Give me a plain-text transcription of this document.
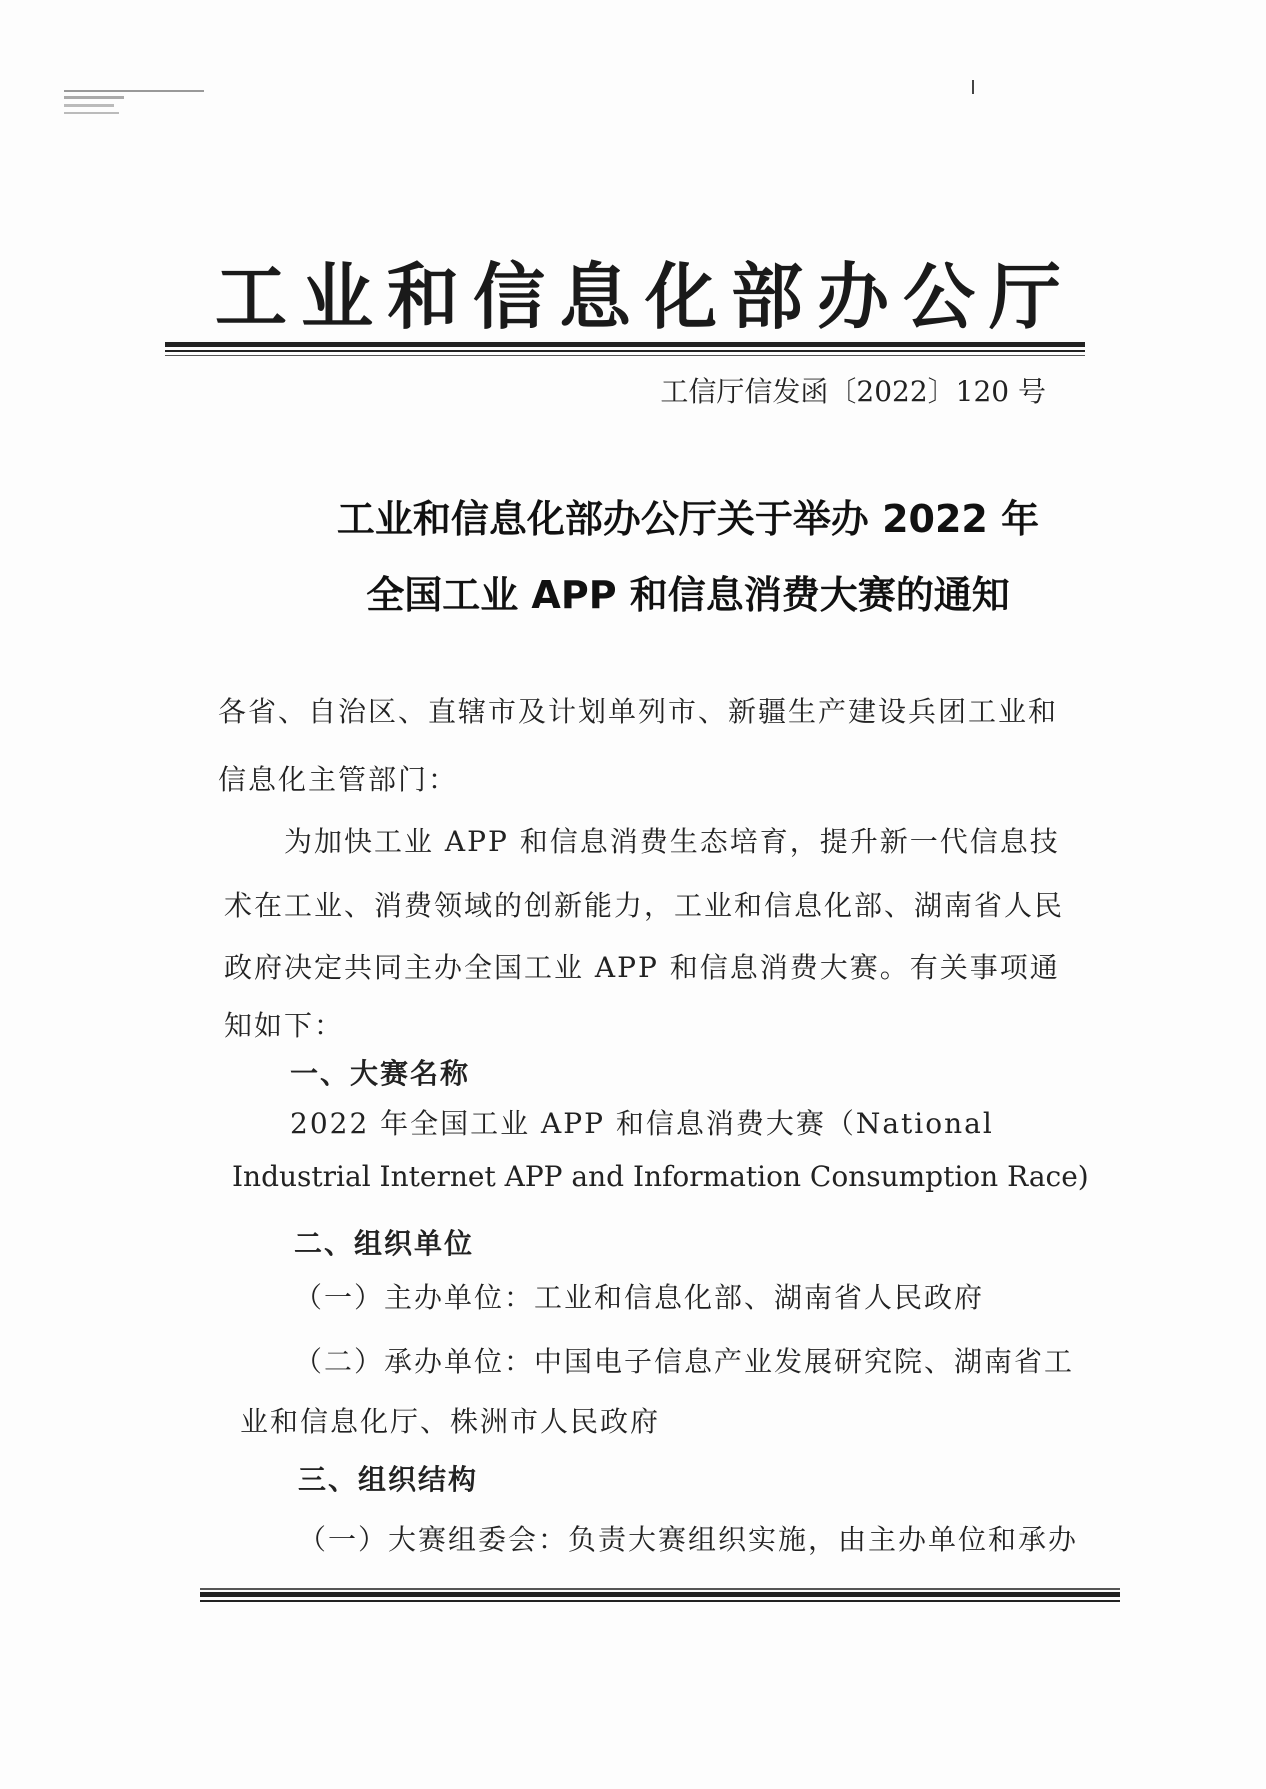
工业和信息化部办公厅
工信厅信发函〔2022〕120 号
工业和信息化部办公厅关于举办 2022 年
全国工业 APP 和信息消费大赛的通知
各省、自治区、直辖市及计划单列市、新疆生产建设兵团工业和
信息化主管部门：
为加快工业 APP 和信息消费生态培育，提升新一代信息技
术在工业、消费领域的创新能力，工业和信息化部、湖南省人民
政府决定共同主办全国工业 APP 和信息消费大赛。有关事项通
知如下：
一、大赛名称
2022 年全国工业 APP 和信息消费大赛（National
Industrial Internet APP and Information Consumption Race)
二、组织单位
（一）主办单位：工业和信息化部、湖南省人民政府
（二）承办单位：中国电子信息产业发展研究院、湖南省工
业和信息化厅、株洲市人民政府
三、组织结构
（一）大赛组委会：负责大赛组织实施，由主办单位和承办
